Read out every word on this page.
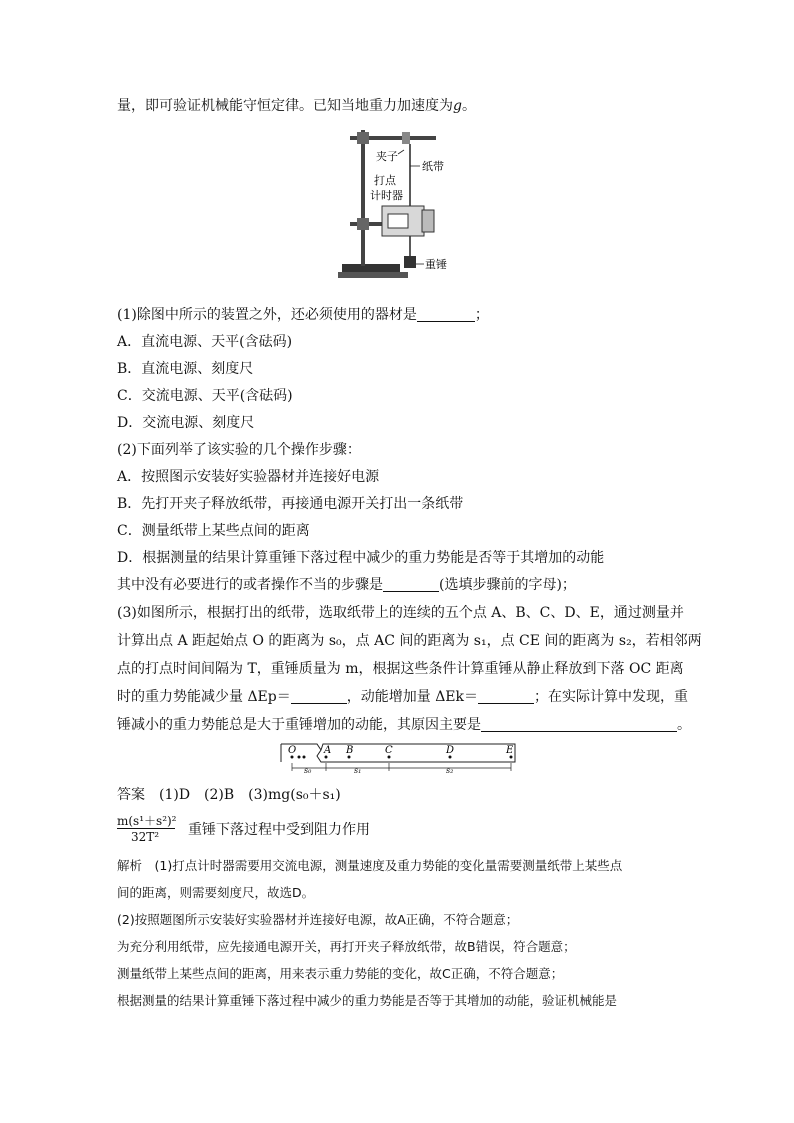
量，即可验证机械能守恒定律。已知当地重力加速度为g。
夹子
纸带
打点
计时器
重锤
(1)除图中所示的装置之外，还必须使用的器材是	；
A．直流电源、天平(含砝码)
B．直流电源、刻度尺
C．交流电源、天平(含砝码)
D．交流电源、刻度尺
(2)下面列举了该实验的几个操作步骤：
A．按照图示安装好实验器材并连接好电源
B．先打开夹子释放纸带，再接通电源开关打出一条纸带
C．测量纸带上某些点间的距离
D．根据测量的结果计算重锤下落过程中减少的重力势能是否等于其增加的动能
其中没有必要进行的或者操作不当的步骤是	(选填步骤前的字母)；
(3)如图所示，根据打出的纸带，选取纸带上的连续的五个点 A、B、C、D、E，通过测量并
计算出点 A 距起始点 O 的距离为 s₀，点 AC 间的距离为 s₁，点 CE 间的距离为 s₂，若相邻两
点的打点时间间隔为 T，重锤质量为 m，根据这些条件计算重锤从静止释放到下落 OC 距离
时的重力势能减少量 ΔEp＝	，动能增加量 ΔEk＝	；在实际计算中发现，重
锤减小的重力势能总是大于重锤增加的动能，其原因主要是	。
O	A B	C	D	E
s₀	s₁	s₂
答案　(1)D　(2)B　(3)mg(s₀＋s₁)
m(s¹＋s²)²
32T² 重锤下落过程中受到阻力作用
解析　(1)打点计时器需要用交流电源，测量速度及重力势能的变化量需要测量纸带上某些点
间的距离，则需要刻度尺，故选D。
(2)按照题图所示安装好实验器材并连接好电源，故A正确，不符合题意；
为充分利用纸带，应先接通电源开关，再打开夹子释放纸带，故B错误，符合题意；
测量纸带上某些点间的距离，用来表示重力势能的变化，故C正确，不符合题意；
根据测量的结果计算重锤下落过程中减少的重力势能是否等于其增加的动能，验证机械能是
